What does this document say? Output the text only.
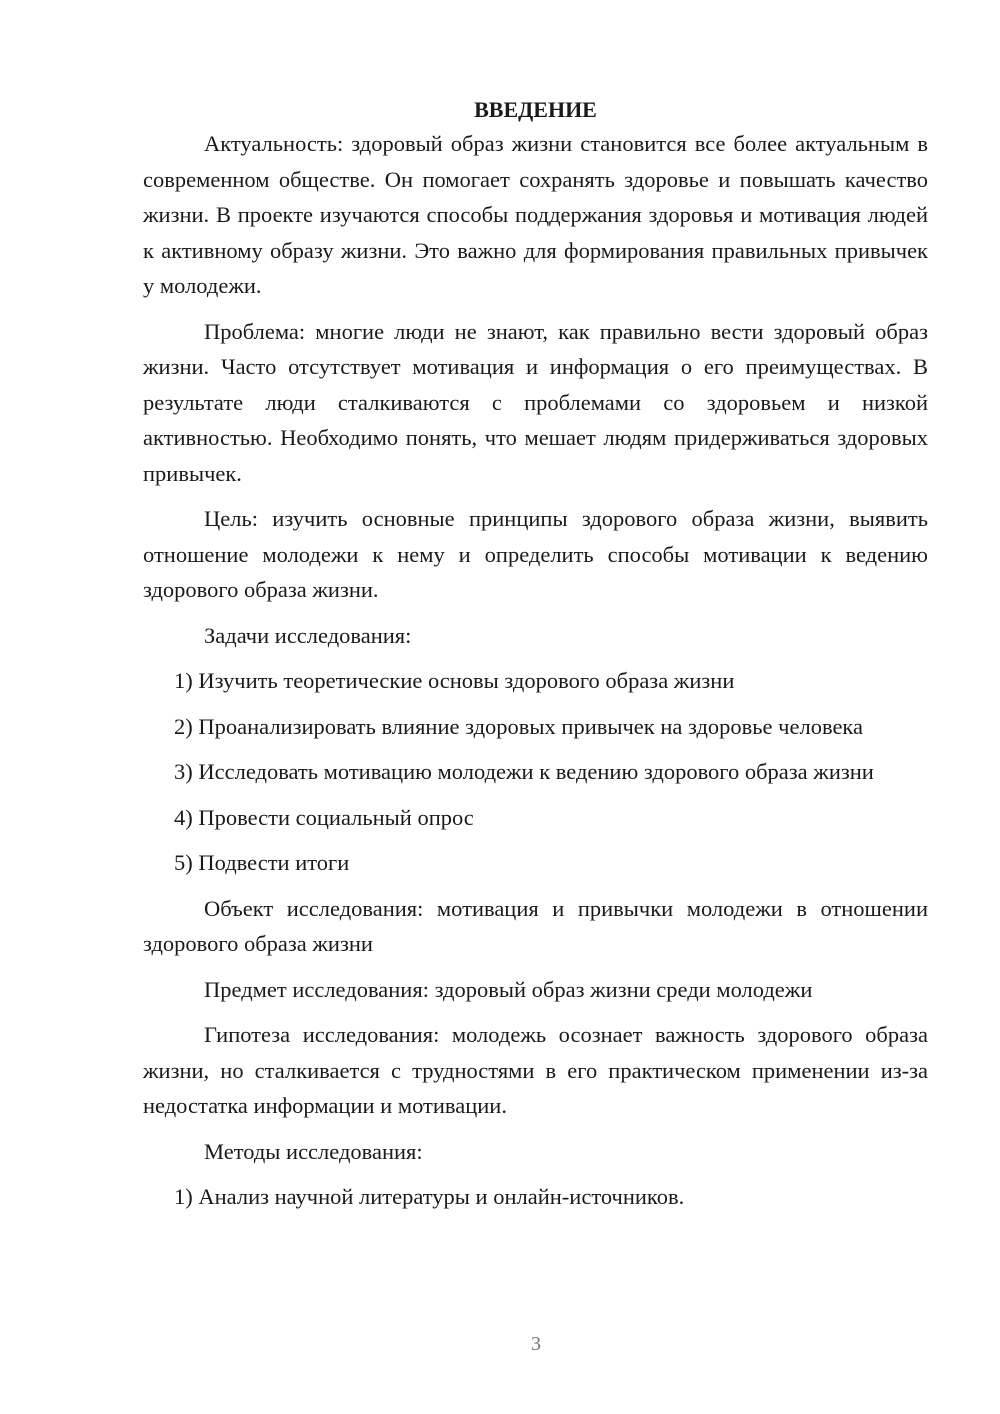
ВВЕДЕНИЕ

Актуальность: здоровый образ жизни становится все более актуальным в современном обществе. Он помогает сохранять здоровье и повышать качество жизни. В проекте изучаются способы поддержания здоровья и мотивация людей к активному образу жизни. Это важно для формирования правильных привычек у молодежи.

Проблема: многие люди не знают, как правильно вести здоровый образ жизни. Часто отсутствует мотивация и информация о его преимуществах. В результате люди сталкиваются с проблемами со здоровьем и низкой активностью. Необходимо понять, что мешает людям придерживаться здоровых привычек.

Цель: изучить основные принципы здорового образа жизни, выявить отношение молодежи к нему и определить способы мотивации к ведению здорового образа жизни.

Задачи исследования:

1) Изучить теоретические основы здорового образа жизни

2) Проанализировать влияние здоровых привычек на здоровье человека

3) Исследовать мотивацию молодежи к ведению здорового образа жизни

4) Провести социальный опрос

5) Подвести итоги

Объект исследования: мотивация и привычки молодежи в отношении здорового образа жизни

Предмет исследования: здоровый образ жизни среди молодежи

Гипотеза исследования: молодежь осознает важность здорового образа жизни, но сталкивается с трудностями в его практическом применении из-за недостатка информации и мотивации.

Методы исследования:

1) Анализ научной литературы и онлайн-источников.

3
